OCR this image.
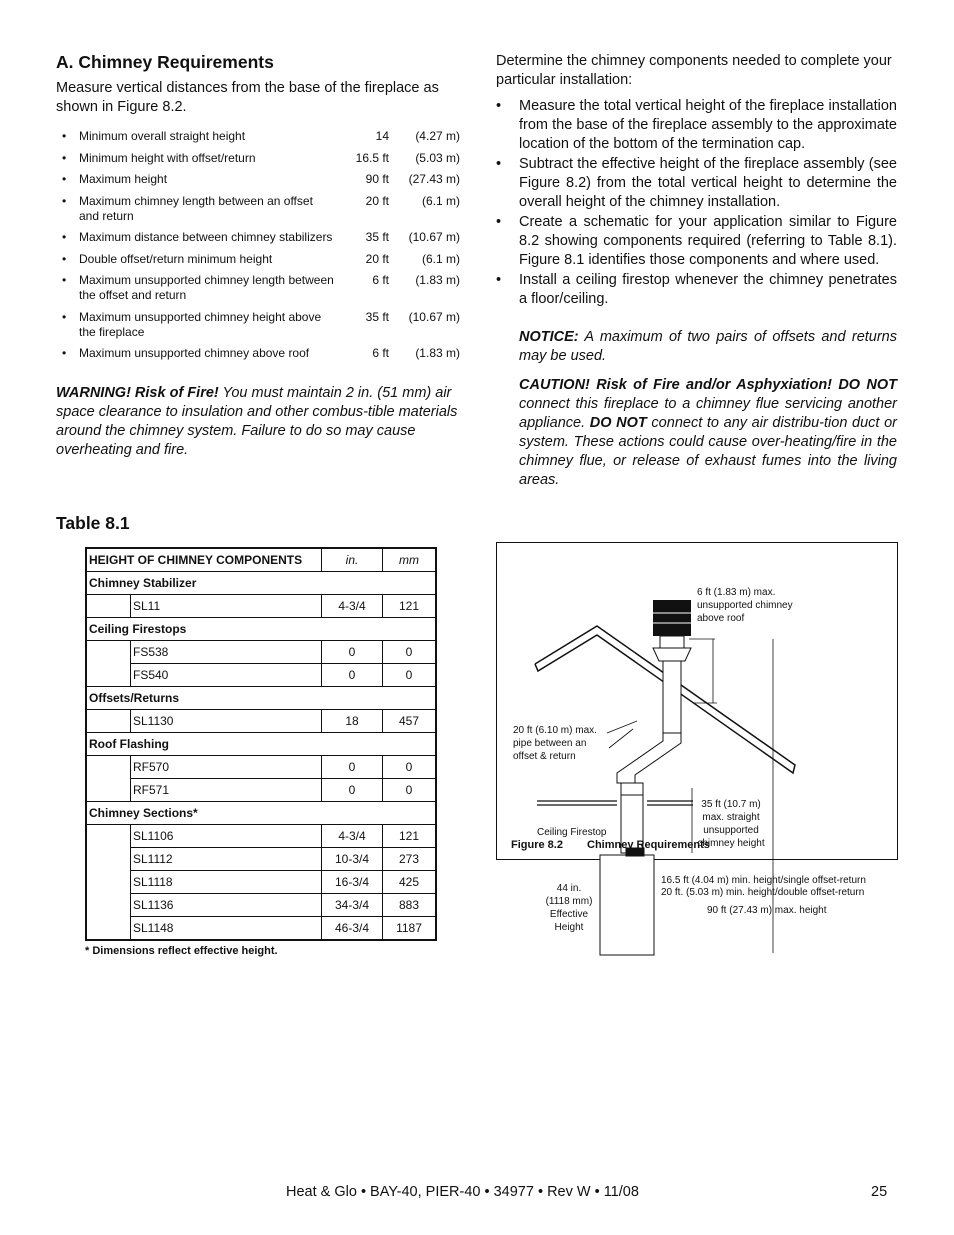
A. Chimney Requirements

Measure vertical distances from the base of the fireplace as shown in Figure 8.2.

•	Minimum overall straight height	14	(4.27 m)
•	Minimum height with offset/return	16.5 ft	(5.03 m)
•	Maximum height	90 ft	(27.43 m)
•	Maximum chimney length between an offset and return
20 ft	(6.1 m)
•	Maximum distance between chimney stabilizers	35 ft	(10.67 m)
•	Double offset/return minimum height	20 ft	(6.1 m)
•	Maximum unsupported chimney length between the offset and return
6 ft	(1.83 m)
•	Maximum unsupported chimney height above the fireplace
35 ft	(10.67 m)
•	Maximum unsupported chimney above roof	6 ft	(1.83 m)

WARNING! Risk of Fire! You must maintain 2 in. (51 mm) air space clearance to insulation and other combus-tible materials around the chimney system. Failure to do so may cause overheating and fire.

Table 8.1
HEIGHT OF CHIMNEY COMPONENTS		in.	mm
Chimney Stabilizer			
	SL11	4-3/4	121
Ceiling Firestops			
	FS538	0	0
	FS540	0	0
Offsets/Returns			
	SL1130	18	457
Roof Flashing			
	RF570	0	0
	RF571	0	0
Chimney Sections*			
	SL1106	4-3/4	121
	SL1112	10-3/4	273
	SL1118	16-3/4	425
	SL1136	34-3/4	883
	SL1148	46-3/4	1187
* Dimensions reflect effective height.

Determine the chimney components needed to complete your particular installation:

•	Measure the total vertical height of the fireplace installation from the base of the fireplace assembly to the approximate location of the bottom of the termination cap.
•	Subtract the effective height of the fireplace assembly (see Figure 8.2) from the total vertical height to determine the overall height of the chimney installation.
•	Create a schematic for your application similar to Figure 8.2 showing components required (referring to Table 8.1). Figure 8.1 identifies those components and where used.
•	Install a ceiling firestop whenever the chimney penetrates a floor/ceiling.

NOTICE: A maximum of two pairs of offsets and returns may be used.

CAUTION! Risk of Fire and/or Asphyxiation! DO NOT connect this fireplace to a chimney flue servicing another appliance. DO NOT connect to any air distribu-tion duct or system. These actions could cause over-heating/fire in the chimney flue, or release of exhaust fumes into the living areas.

6 ft (1.83 m) max.
unsupported chimney
above roof
20 ft (6.10 m) max.
pipe between an
offset & return
35 ft (10.7 m)
max. straight
unsupported
chimney height
Ceiling Firestop
16.5 ft (4.04 m) min. height/single offset-return
20 ft. (5.03 m) min. height/double offset-return
90 ft (27.43 m) max. height
44 in.
(1118 mm)
Effective
Height
Figure 8.2 Chimney Requirements
Heat & Glo • BAY-40, PIER-40 • 34977 • Rev W • 11/08	25
